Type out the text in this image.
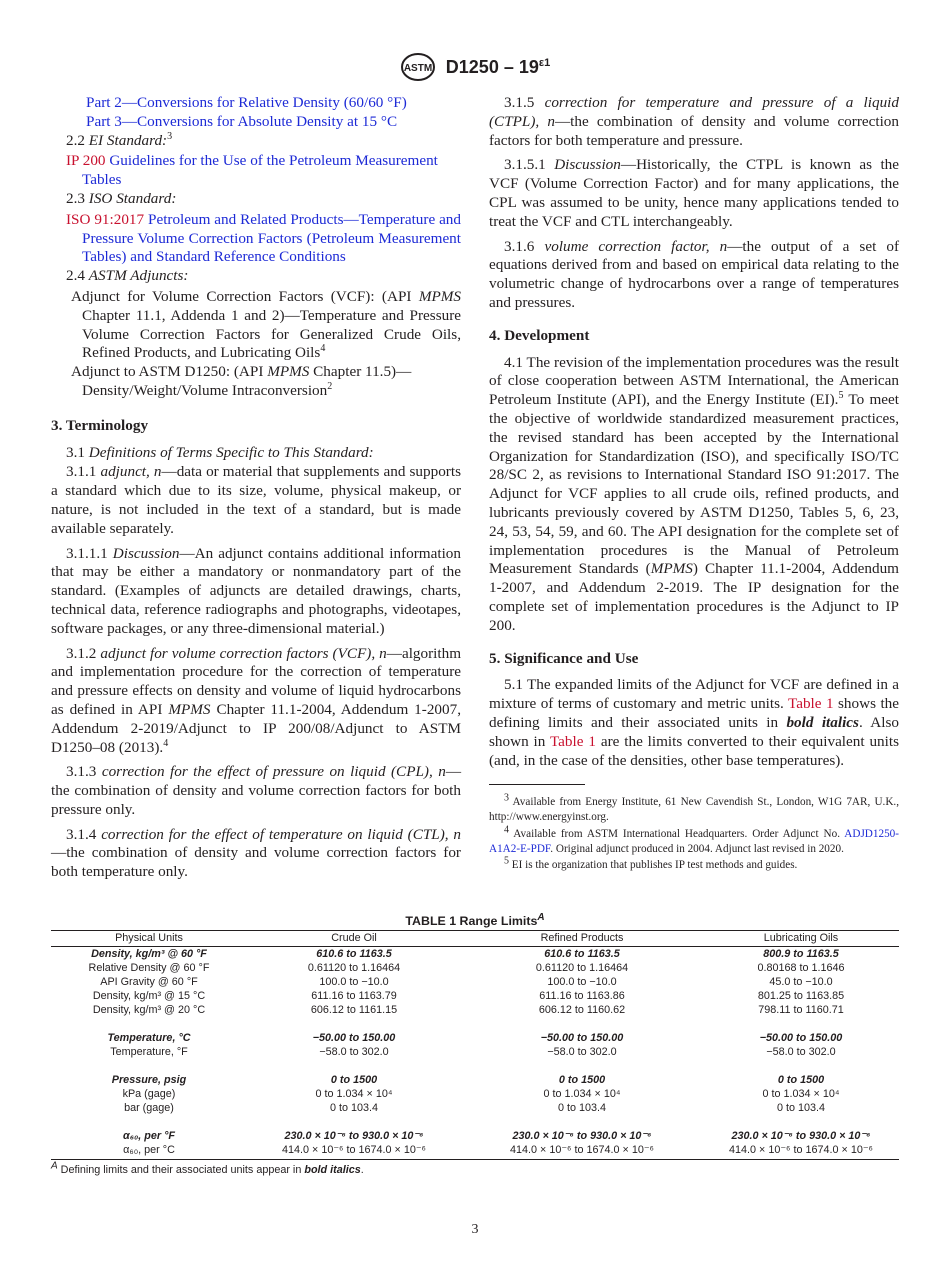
ASTM $D1250 - 19^{\varepsilon 1}$

Part 2—Conversions for Relative Density (60/60 °F)

Part 3—Conversions for Absolute Density at 15 °C

2.2 EI Standard:$^3$

IP 200 Guidelines for the Use of the Petroleum Measurement Tables

2.3 ISO Standard:

ISO 91:2017 Petroleum and Related Products—Temperature and Pressure Volume Correction Factors (Petroleum Measurement Tables) and Standard Reference Conditions

2.4 ASTM Adjuncts:

Adjunct for Volume Correction Factors (VCF): (API MPMS Chapter 11.1, Addenda 1 and 2)—Temperature and Pressure Volume Correction Factors for Generalized Crude Oils, Refined Products, and Lubricating Oils$^4$

Adjunct to ASTM D1250: (API MPMS Chapter 11.5)—Density/Weight/Volume Intraconversion$^2$

3. Terminology

3.1 Definitions of Terms Specific to This Standard:

3.1.1 adjunct, n—data or material that supplements and supports a standard which due to its size, volume, physical makeup, or nature, is not included in the text of a standard, but is made available separately.

3.1.1.1 Discussion—An adjunct contains additional information that may be either a mandatory or nonmandatory part of the standard. (Examples of adjuncts are detailed drawings, charts, technical data, reference radiographs and photographs, videotapes, software packages, or any three-dimensional material.)

3.1.2 adjunct for volume correction factors (VCF), n—algorithm and implementation procedure for the correction of temperature and pressure effects on density and volume of liquid hydrocarbons as defined in API MPMS Chapter 11.1-2004, Addendum 1-2007, Addendum 2-2019/Adjunct to IP 200/08/Adjunct to ASTM D1250–08 (2013).$^4$

3.1.3 correction for the effect of pressure on liquid (CPL), n—the combination of density and volume correction factors for both pressure only.

3.1.4 correction for the effect of temperature on liquid (CTL), n—the combination of density and volume correction factors for both temperature only.

3.1.5 correction for temperature and pressure of a liquid (CTPL), n—the combination of density and volume correction factors for both temperature and pressure.

3.1.5.1 Discussion—Historically, the CTPL is known as the VCF (Volume Correction Factor) and for many applications, the CPL was assumed to be unity, hence many applications tended to treat the VCF and CTL interchangeably.

3.1.6 volume correction factor, n—the output of a set of equations derived from and based on empirical data relating to the volumetric change of hydrocarbons over a range of temperatures and pressures.

4. Development

4.1 The revision of the implementation procedures was the result of close cooperation between ASTM International, the American Petroleum Institute (API), and the Energy Institute (EI).$^5$ To meet the objective of worldwide standardized measurement practices, the revised standard has been accepted by the International Organization for Standardization (ISO), and specifically ISO/TC 28/SC 2, as revisions to International Standard ISO 91:2017. The Adjunct for VCF applies to all crude oils, refined products, and lubricants previously covered by ASTM D1250, Tables 5, 6, 23, 24, 53, 54, 59, and 60. The API designation for the complete set of implementation procedures is the Manual of Petroleum Measurement Standards (MPMS) Chapter 11.1-2004, Addendum 1-2007, and Addendum 2-2019. The IP designation for the complete set of implementation procedures is the Adjunct to IP 200.

5. Significance and Use

5.1 The expanded limits of the Adjunct for VCF are defined in a mixture of terms of customary and metric units. Table 1 shows the defining limits and their associated units in bold italics. Also shown in Table 1 are the limits converted to their equivalent units (and, in the case of the densities, other base temperatures).

$^3$ Available from Energy Institute, 61 New Cavendish St., London, W1G 7AR, U.K., http://www.energyinst.org.

$^4$ Available from ASTM International Headquarters. Order Adjunct No. ADJD1250-A1A2-E-PDF. Original adjunct produced in 2004. Adjunct last revised in 2020.

$^5$ EI is the organization that publishes IP test methods and guides.

TABLE 1 Range Limits$^A$
Physical Units	Crude Oil	Refined Products	Lubricating Oils
Density, kg/m³ @ 60 °F	610.6 to 1163.5	610.6 to 1163.5	800.9 to 1163.5
Relative Density @ 60 °F	0.61120 to 1.16464	0.61120 to 1.16464	0.80168 to 1.1646
API Gravity @ 60 °F	100.0 to −10.0	100.0 to −10.0	45.0 to −10.0
Density, kg/m³ @ 15 °C	611.16 to 1163.79	611.16 to 1163.86	801.25 to 1163.85
Density, kg/m³ @ 20 °C	606.12 to 1161.15	606.12 to 1160.62	798.11 to 1160.71

Temperature, °C	−50.00 to 150.00	−50.00 to 150.00	−50.00 to 150.00
Temperature, °F	−58.0 to 302.0	−58.0 to 302.0	−58.0 to 302.0

Pressure, psig	0 to 1500	0 to 1500	0 to 1500
kPa (gage)	0 to 1.034 × 10⁴	0 to 1.034 × 10⁴	0 to 1.034 × 10⁴
bar (gage)	0 to 103.4	0 to 103.4	0 to 103.4

α₆₀, per °F	230.0 × 10⁻⁶ to 930.0 × 10⁻⁶	230.0 × 10⁻⁶ to 930.0 × 10⁻⁶	230.0 × 10⁻⁶ to 930.0 × 10⁻⁶
α₆₀, per °C	414.0 × 10⁻⁶ to 1674.0 × 10⁻⁶	414.0 × 10⁻⁶ to 1674.0 × 10⁻⁶	414.0 × 10⁻⁶ to 1674.0 × 10⁻⁶
$^A$ Defining limits and their associated units appear in bold italics.
3
